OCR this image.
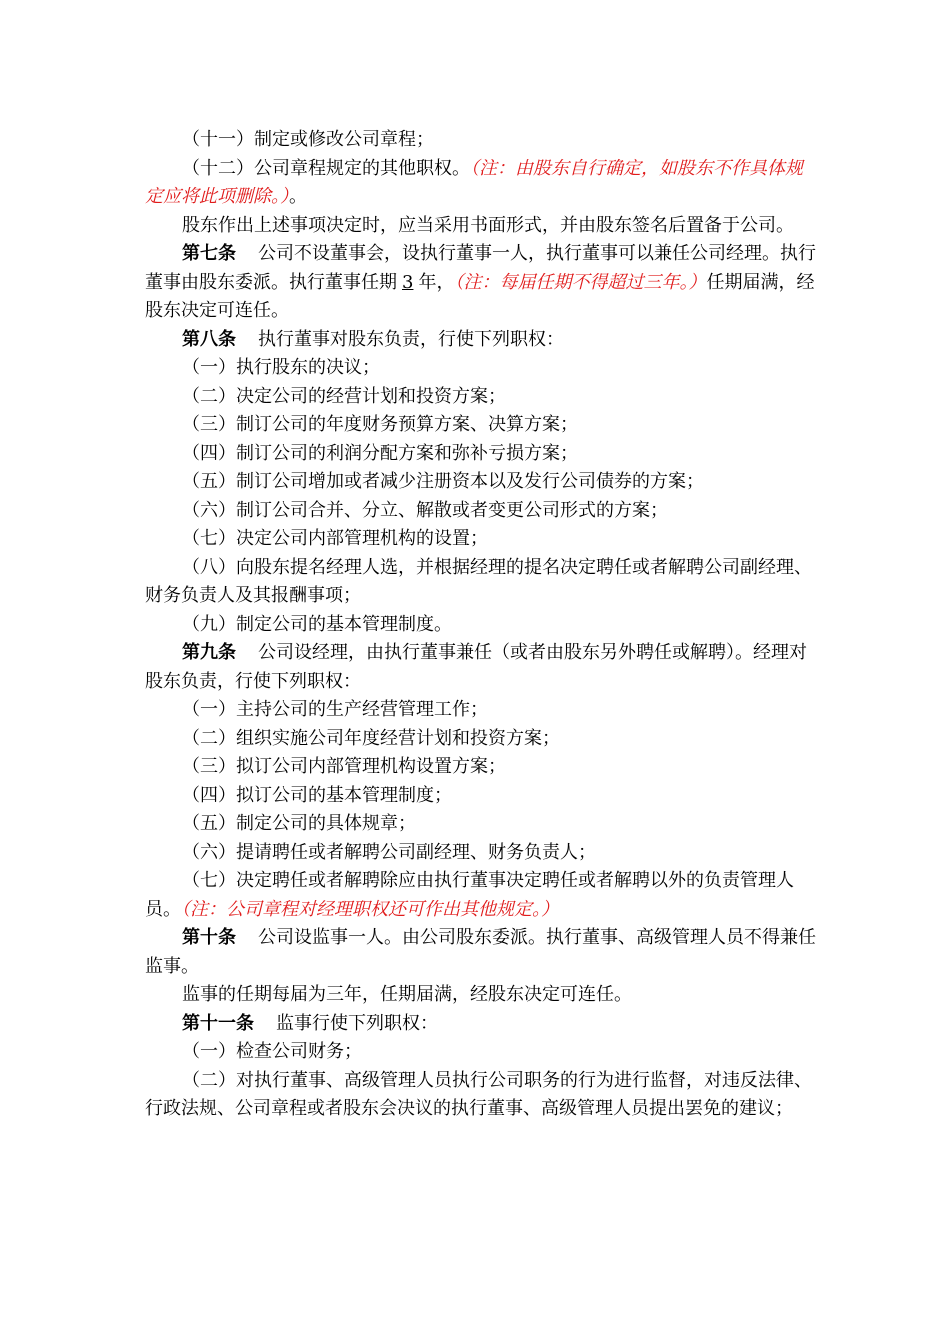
（十一）制定或修改公司章程；

（十二）公司章程规定的其他职权。（注：由股东自行确定，如股东不作具体规定应将此项删除。）。

股东作出上述事项决定时，应当采用书面形式，并由股东签名后置备于公司。

第七条 公司不设董事会，设执行董事一人，执行董事可以兼任公司经理。执行董事由股东委派。执行董事任期 3 年，（注：每届任期不得超过三年。）任期届满，经股东决定可连任。

第八条 执行董事对股东负责，行使下列职权：

（一）执行股东的决议；

（二）决定公司的经营计划和投资方案；

（三）制订公司的年度财务预算方案、决算方案；

（四）制订公司的利润分配方案和弥补亏损方案；

（五）制订公司增加或者减少注册资本以及发行公司债券的方案；

（六）制订公司合并、分立、解散或者变更公司形式的方案；

（七）决定公司内部管理机构的设置；

（八）向股东提名经理人选，并根据经理的提名决定聘任或者解聘公司副经理、财务负责人及其报酬事项；

（九）制定公司的基本管理制度。

第九条 公司设经理，由执行董事兼任（或者由股东另外聘任或解聘）。经理对股东负责，行使下列职权：

（一）主持公司的生产经营管理工作；

（二）组织实施公司年度经营计划和投资方案；

（三）拟订公司内部管理机构设置方案；

（四）拟订公司的基本管理制度；

（五）制定公司的具体规章；

（六）提请聘任或者解聘公司副经理、财务负责人；

（七）决定聘任或者解聘除应由执行董事决定聘任或者解聘以外的负责管理人员。（注：公司章程对经理职权还可作出其他规定。）

第十条 公司设监事一人。由公司股东委派。执行董事、高级管理人员不得兼任监事。

监事的任期每届为三年，任期届满，经股东决定可连任。

第十一条 监事行使下列职权：

（一）检查公司财务；

（二）对执行董事、高级管理人员执行公司职务的行为进行监督，对违反法律、行政法规、公司章程或者股东会决议的执行董事、高级管理人员提出罢免的建议；
